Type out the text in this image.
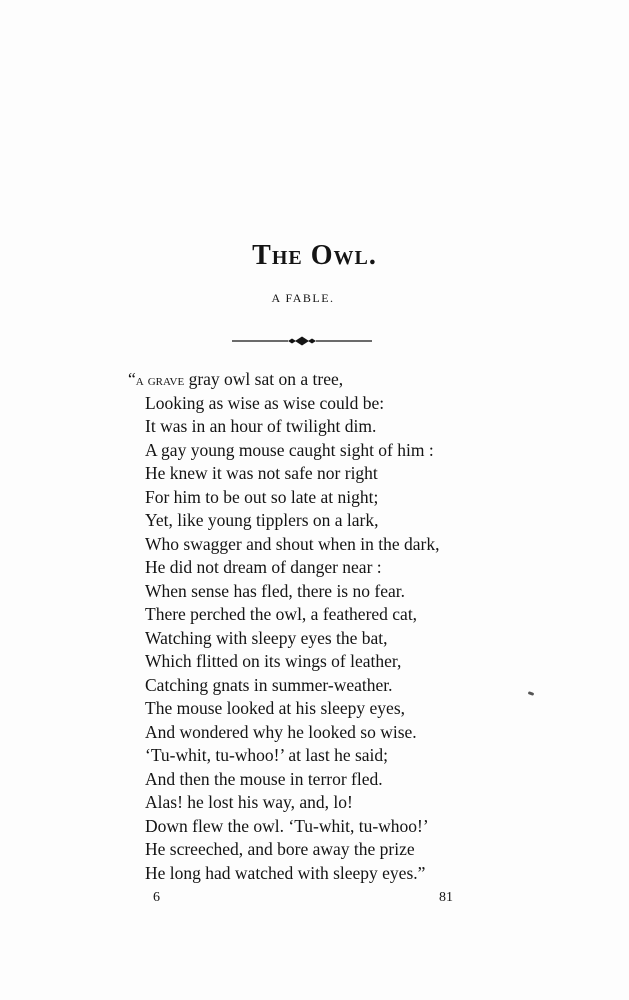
The Owl.

A FABLE.

“a grave gray owl sat on a tree,
Looking as wise as wise could be:
It was in an hour of twilight dim.
A gay young mouse caught sight of him :
He knew it was not safe nor right
For him to be out so late at night;
Yet, like young tipplers on a lark,
Who swagger and shout when in the dark,
He did not dream of danger near :
When sense has fled, there is no fear.
There perched the owl, a feathered cat,
Watching with sleepy eyes the bat,
Which flitted on its wings of leather,
Catching gnats in summer-weather.
The mouse looked at his sleepy eyes,
And wondered why he looked so wise.
‘Tu-whit, tu-whoo!’ at last he said;
And then the mouse in terror fled.
Alas! he lost his way, and, lo!
Down flew the owl. ‘Tu-whit, tu-whoo!’
He screeched, and bore away the prize
He long had watched with sleepy eyes.”
6	81
